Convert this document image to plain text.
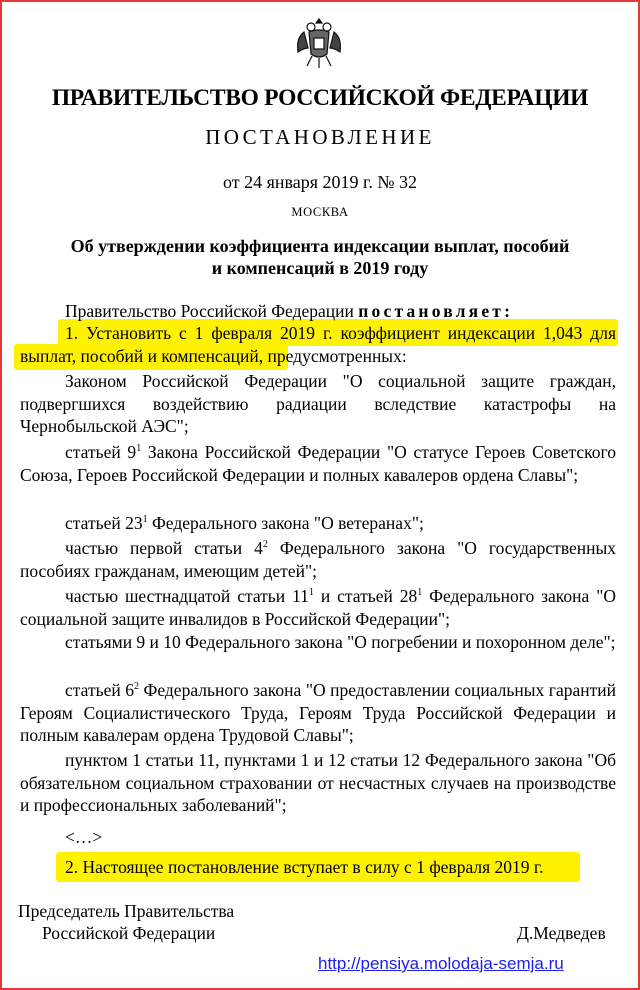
ПРАВИТЕЛЬСТВО РОССИЙСКОЙ ФЕДЕРАЦИИ
ПОСТАНОВЛЕНИЕ
от 24 января 2019 г. № 32
МОСКВА
Об утверждении коэффициента индексации выплат, пособий
и компенсаций в 2019 году
Правительство Российской Федерации постановляет:
1. Установить с 1 февраля 2019 г. коэффициент индексации 1,043 для выплат, пособий и компенсаций, предусмотренных:
Законом Российской Федерации "О социальной защите граждан, подвергшихся воздействию радиации вследствие катастрофы на Чернобыльской АЭС";
статьей $9^1$ Закона Российской Федерации "О статусе Героев Советского Союза, Героев Российской Федерации и полных кавалеров ордена Славы";
статьей $23^1$ Федерального закона "О ветеранах";
частью первой статьи $4^2$ Федерального закона "О государственных пособиях гражданам, имеющим детей";
частью шестнадцатой статьи $11^1$ и статьей $28^1$ Федерального закона "О социальной защите инвалидов в Российской Федерации";
статьями 9 и 10 Федерального закона "О погребении и похоронном деле";
статьей $6^2$ Федерального закона "О предоставлении социальных гарантий Героям Социалистического Труда, Героям Труда Российской Федерации и полным кавалерам ордена Трудовой Славы";
пунктом 1 статьи 11, пунктами 1 и 12 статьи 12 Федерального закона "Об обязательном социальном страховании от несчастных случаев на производстве и профессиональных заболеваний";
<…>
2. Настоящее постановление вступает в силу с 1 февраля 2019 г.
Председатель Правительства
Российской Федерации	Д.Медведев
http://pensiya.molodaja-semja.ru
